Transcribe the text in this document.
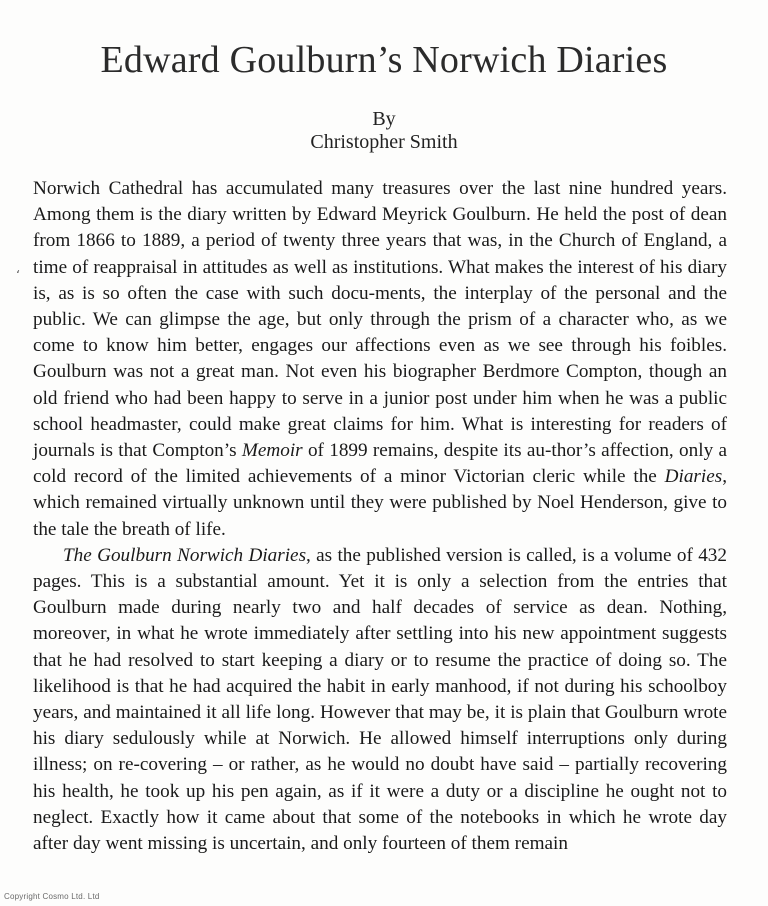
Edward Goulburn’s Norwich Diaries
By
Christopher Smith
‘

Norwich Cathedral has accumulated many treasures over the last nine hundred years. Among them is the diary written by Edward Meyrick Goulburn. He held the post of dean from 1866 to 1889, a period of twenty three years that was, in the Church of England, a time of reappraisal in attitudes as well as institutions. What makes the interest of his diary is, as is so often the case with such docu-ments, the interplay of the personal and the public. We can glimpse the age, but only through the prism of a character who, as we come to know him better, engages our affections even as we see through his foibles. Goulburn was not a great man. Not even his biographer Berdmore Compton, though an old friend who had been happy to serve in a junior post under him when he was a public school headmaster, could make great claims for him. What is interesting for readers of journals is that Compton’s Memoir of 1899 remains, despite its au-thor’s affection, only a cold record of the limited achievements of a minor Victorian cleric while the Diaries, which remained virtually unknown until they were published by Noel Henderson, give to the tale the breath of life.

The Goulburn Norwich Diaries, as the published version is called, is a volume of 432 pages. This is a substantial amount. Yet it is only a selection from the entries that Goulburn made during nearly two and half decades of service as dean. Nothing, moreover, in what he wrote immediately after settling into his new appointment suggests that he had resolved to start keeping a diary or to resume the practice of doing so. The likelihood is that he had acquired the habit in early manhood, if not during his schoolboy years, and maintained it all life long. However that may be, it is plain that Goulburn wrote his diary sedulously while at Norwich. He allowed himself interruptions only during illness; on re-covering – or rather, as he would no doubt have said – partially recovering his health, he took up his pen again, as if it were a duty or a discipline he ought not to neglect. Exactly how it came about that some of the notebooks in which he wrote day after day went missing is uncertain, and only fourteen of them remain

Copyright Cosmo Ltd. Ltd
